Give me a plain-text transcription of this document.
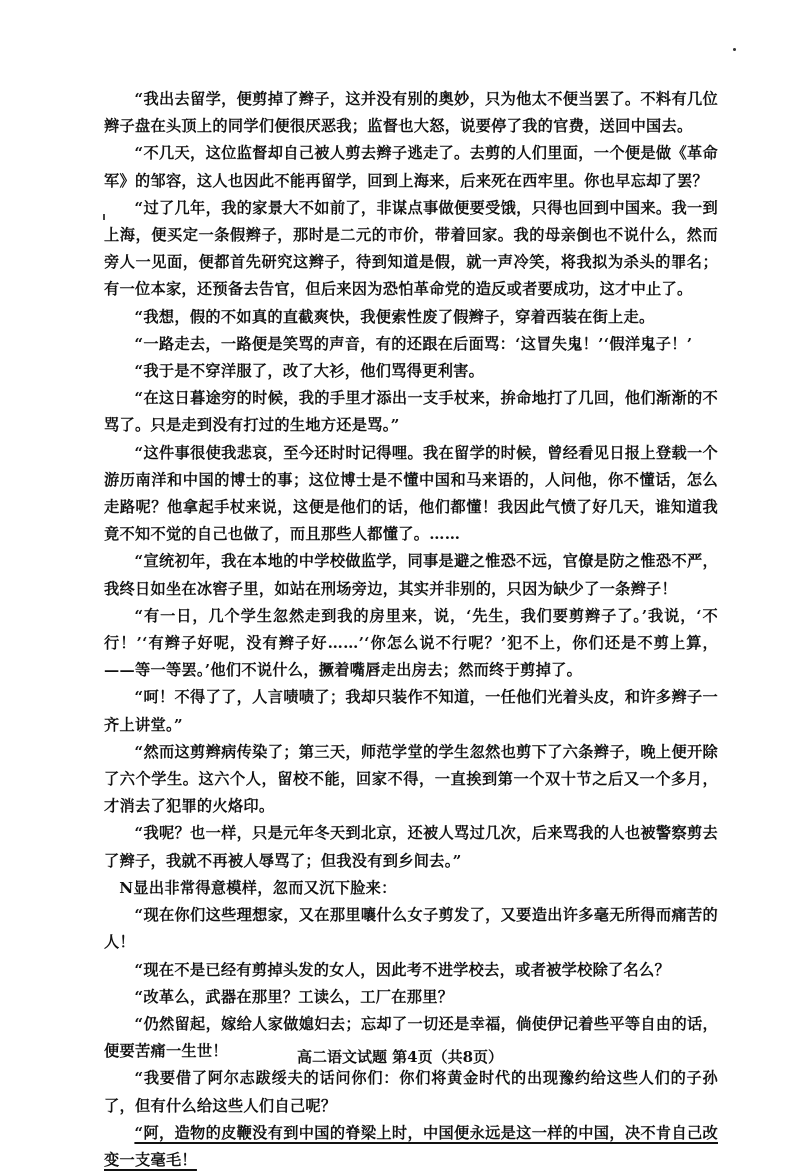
“我出去留学，便剪掉了辫子，这并没有别的奥妙，只为他太不便当罢了。不料有几位辫子盘在头顶上的同学们便很厌恶我；监督也大怒，说要停了我的官费，送回中国去。

“不几天，这位监督却自己被人剪去辫子逃走了。去剪的人们里面，一个便是做《革命军》的邹容，这人也因此不能再留学，回到上海来，后来死在西牢里。你也早忘却了罢？

“过了几年，我的家景大不如前了，非谋点事做便要受饿，只得也回到中国来。我一到上海，便买定一条假辫子，那时是二元的市价，带着回家。我的母亲倒也不说什么，然而旁人一见面，便都首先研究这辫子，待到知道是假，就一声冷笑，将我拟为杀头的罪名；有一位本家，还预备去告官，但后来因为恐怕革命党的造反或者要成功，这才中止了。

“我想，假的不如真的直截爽快，我便索性废了假辫子，穿着西装在街上走。

“一路走去，一路便是笑骂的声音，有的还跟在后面骂：‘这冒失鬼！’‘假洋鬼子！’

“我于是不穿洋服了，改了大衫，他们骂得更利害。

“在这日暮途穷的时候，我的手里才添出一支手杖来，拚命地打了几回，他们渐渐的不骂了。只是走到没有打过的生地方还是骂。”

“这件事很使我悲哀，至今还时时记得哩。我在留学的时候，曾经看见日报上登载一个游历南洋和中国的博士的事；这位博士是不懂中国和马来语的，人问他，你不懂话，怎么走路呢？他拿起手杖来说，这便是他们的话，他们都懂！我因此气愤了好几天，谁知道我竟不知不觉的自己也做了，而且那些人都懂了。……

“宣统初年，我在本地的中学校做监学，同事是避之惟恐不远，官僚是防之惟恐不严，我终日如坐在冰窖子里，如站在刑场旁边，其实并非别的，只因为缺少了一条辫子！

“有一日，几个学生忽然走到我的房里来，说，‘先生，我们要剪辫子了。’我说，‘不行！’‘有辫子好呢，没有辫子好……’‘你怎么说不行呢？’犯不上，你们还是不剪上算，——等一等罢。’他们不说什么，撅着嘴唇走出房去；然而终于剪掉了。

“呵！不得了了，人言啧啧了；我却只装作不知道，一任他们光着头皮，和许多辫子一齐上讲堂。”

“然而这剪辫病传染了；第三天，师范学堂的学生忽然也剪下了六条辫子，晚上便开除了六个学生。这六个人，留校不能，回家不得，一直挨到第一个双十节之后又一个多月，才消去了犯罪的火烙印。

“我呢？也一样，只是元年冬天到北京，还被人骂过几次，后来骂我的人也被警察剪去了辫子，我就不再被人辱骂了；但我没有到乡间去。”

N显出非常得意模样，忽而又沉下脸来：

“现在你们这些理想家，又在那里嚷什么女子剪发了，又要造出许多毫无所得而痛苦的人！

“现在不是已经有剪掉头发的女人，因此考不进学校去，或者被学校除了名么？

“改革么，武器在那里？工读么，工厂在那里？

“仍然留起，嫁给人家做媳妇去；忘却了一切还是幸福，倘使伊记着些平等自由的话，便要苦痛一生世！

“我要借了阿尔志跋绥夫的话问你们：你们将黄金时代的出现豫约给这些人们的子孙了，但有什么给这些人们自己呢？

“阿，造物的皮鞭没有到中国的脊梁上时，中国便永远是这一样的中国，决不肯自己改变一支毫毛！

高二语文试题 第4页（共8页）
